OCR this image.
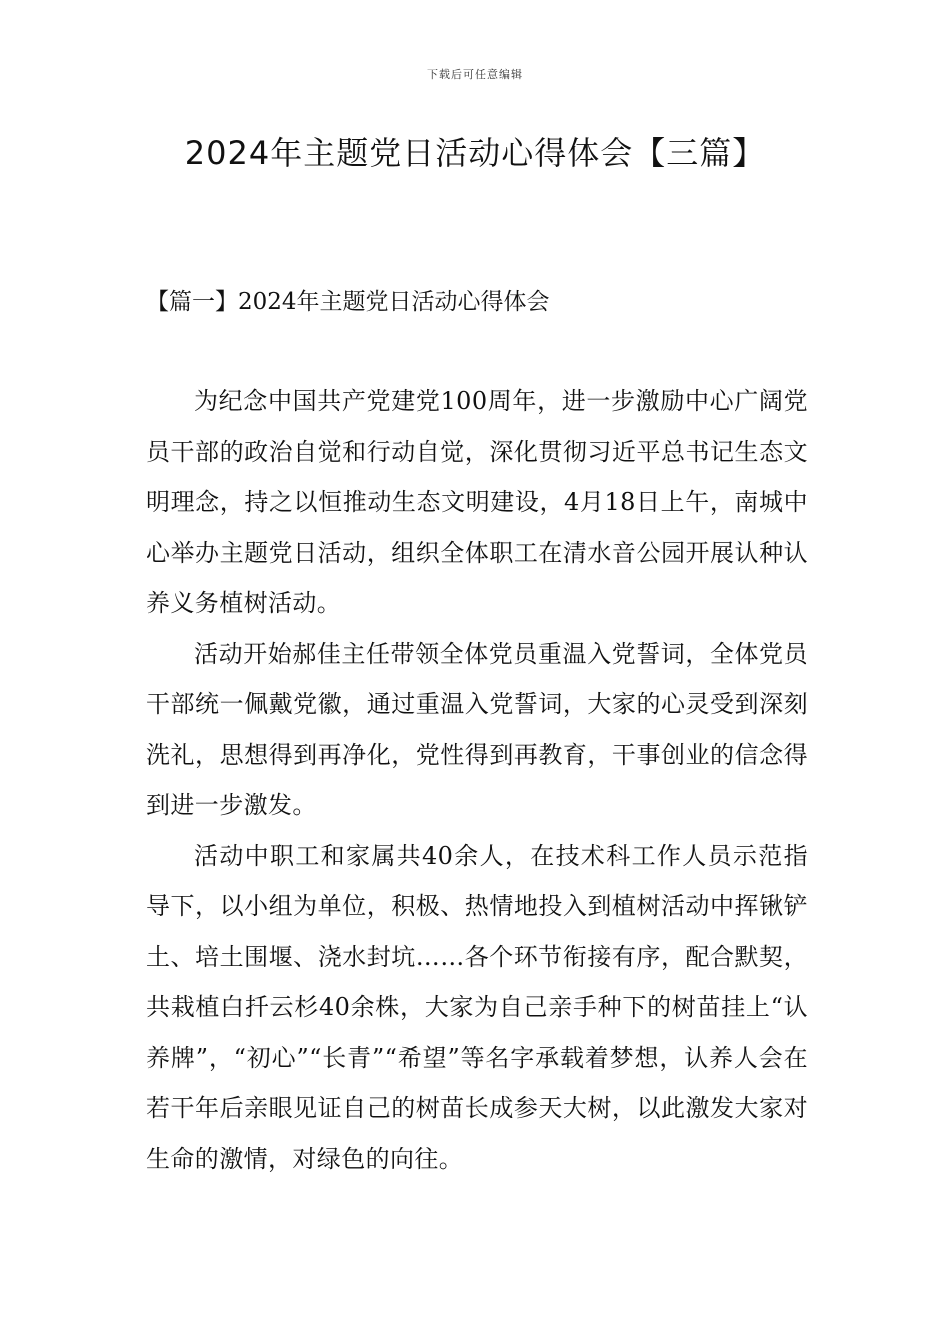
下载后可任意编辑
2024年主题党日活动心得体会【三篇】
【篇一】2024年主题党日活动心得体会

为纪念中国共产党建党100周年，进一步激励中心广阔党员干部的政治自觉和行动自觉，深化贯彻习近平总书记生态文明理念，持之以恒推动生态文明建设，4月18日上午，南城中心举办主题党日活动，组织全体职工在清水音公园开展认种认养义务植树活动。

活动开始郝佳主任带领全体党员重温入党誓词，全体党员干部统一佩戴党徽，通过重温入党誓词，大家的心灵受到深刻洗礼，思想得到再净化，党性得到再教育，干事创业的信念得到进一步激发。

活动中职工和家属共40余人，在技术科工作人员示范指导下，以小组为单位，积极、热情地投入到植树活动中挥锹铲土、培土围堰、浇水封坑……各个环节衔接有序，配合默契，共栽植白扦云杉40余株，大家为自己亲手种下的树苗挂上“认养牌”，“初心”“长青”“希望”等名字承载着梦想，认养人会在若干年后亲眼见证自己的树苗长成参天大树，以此激发大家对生命的激情，对绿色的向往。
